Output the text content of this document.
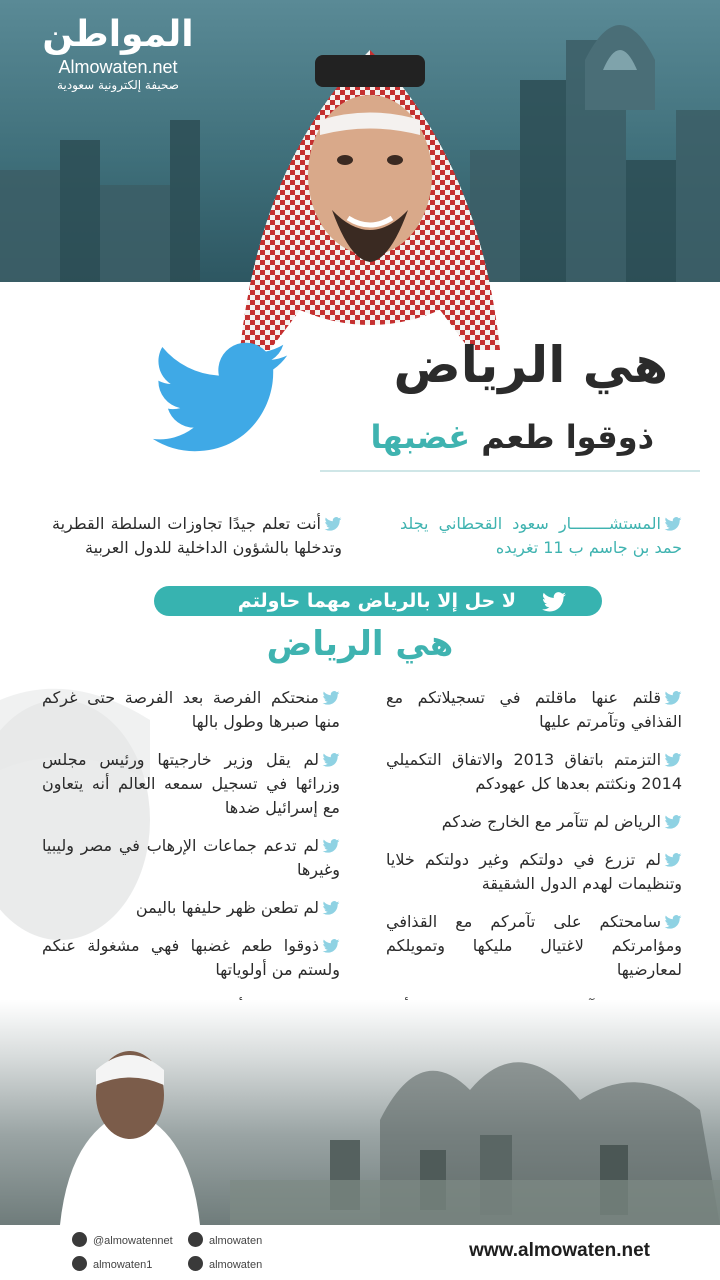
المواطن
Almowaten.net
صحيفة إلكترونية سعودية
هي الرياض
ذوقوا طعم غضبها
المستشــــــــار سعود القحطاني يجلد حمد بن جاسم ب 11 تغريده
أنت تعلم جيدًا تجاوزات السلطة القطرية وتدخلها بالشؤون الداخلية للدول العربية
لا حل إلا بالرياض مهما حاولتم
هي الرياض
قلتم عنها ماقلتم في تسجيلاتكم مع القذافي وتآمرتم عليها
التزمتم باتفاق 2013 والاتفاق التكميلي 2014 ونكثتم بعدها كل عهودكم
الرياض لم تتآمر مع الخارج ضدكم
لم تزرع في دولتكم وغير دولتكم خلايا وتنظيمات لهدم الدول الشقيقة
سامحتكم على تآمركم مع القذافي ومؤامرتكم لاغتيال مليكها وتمويلكم لمعارضيها
منحتكم الفرصة بعد الفرصة حتى غركم منها صبرها وطول بالها
لم يقل وزير خارجيتها ورئيس مجلس وزرائها في تسجيل سمعه العالم أنه يتعاون مع إسرائيل ضدها
لم تدعم جماعات الإرهاب في مصر وليبيا وغيرها
لم تطعن ظهر حليفها باليمن
ذوقوا طعم غضبها فهي مشغولة عنكم ولستم من أولوياتها
@almowatennet	almowaten
almowaten1	almowaten
www.almowaten.net
